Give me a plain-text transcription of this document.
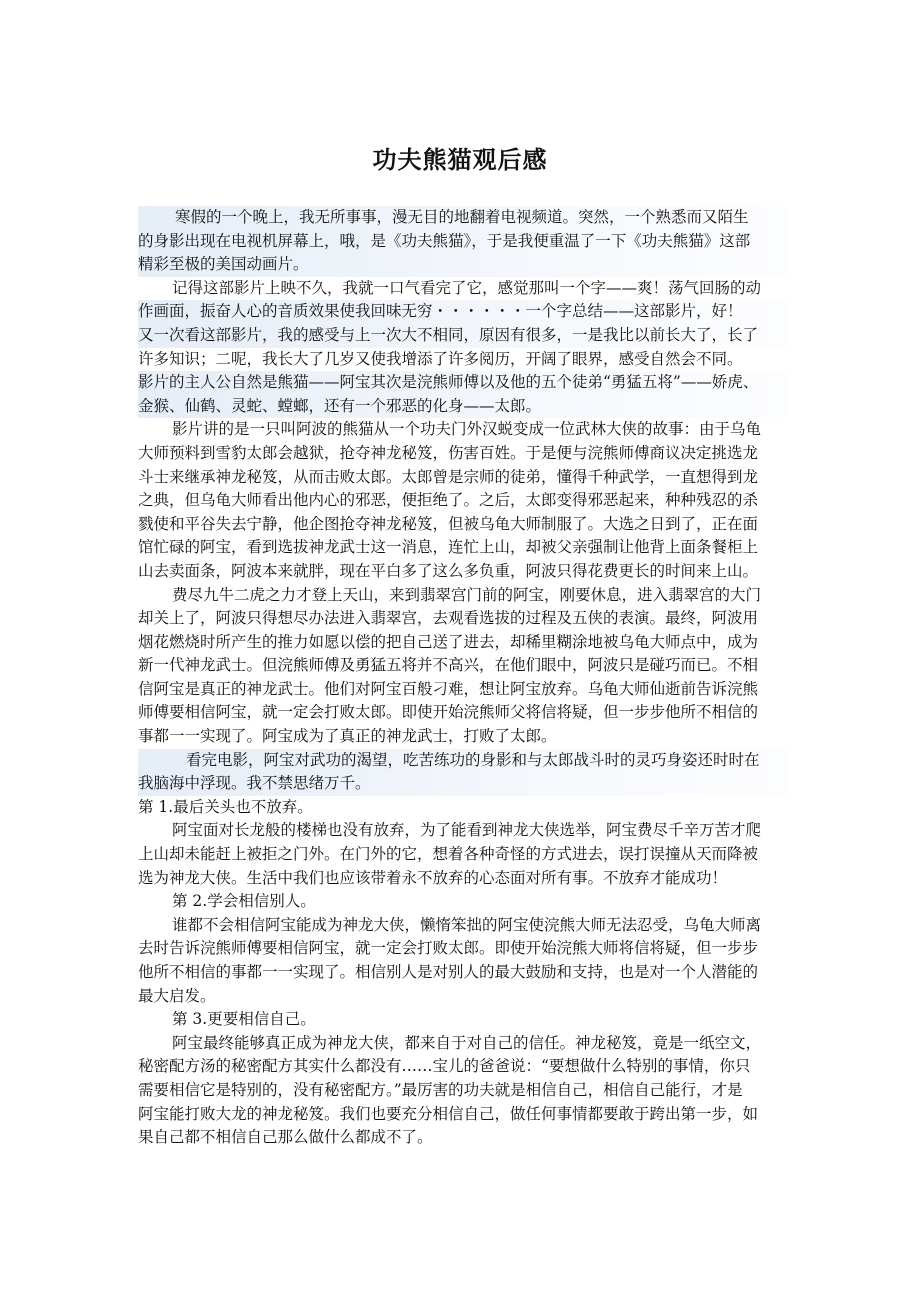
功夫熊猫观后感
寒假的一个晚上，我无所事事，漫无目的地翻着电视频道。突然，一个熟悉而又陌生
的身影出现在电视机屏幕上，哦，是《功夫熊猫》，于是我便重温了一下《功夫熊猫》这部
精彩至极的美国动画片。
记得这部影片上映不久，我就一口气看完了它，感觉那叫一个字——爽！荡气回肠的动
作画面，振奋人心的音质效果使我回味无穷・・・・・・一个字总结——这部影片，好！
又一次看这部影片，我的感受与上一次大不相同，原因有很多，一是我比以前长大了，长了
许多知识；二呢，我长大了几岁又使我增添了许多阅历，开阔了眼界，感受自然会不同。
影片的主人公自然是熊猫——阿宝其次是浣熊师傅以及他的五个徒弟“勇猛五将”——娇虎、
金猴、仙鹤、灵蛇、螳螂，还有一个邪恶的化身——太郎。
影片讲的是一只叫阿波的熊猫从一个功夫门外汉蜕变成一位武林大侠的故事：由于乌龟
大师预料到雪豹太郎会越狱，抢夺神龙秘笈，伤害百姓。于是便与浣熊师傅商议决定挑选龙
斗士来继承神龙秘笈，从而击败太郎。太郎曾是宗师的徒弟，懂得千种武学，一直想得到龙
之典，但乌龟大师看出他内心的邪恶，便拒绝了。之后，太郎变得邪恶起来，种种残忍的杀
戮使和平谷失去宁静，他企图抢夺神龙秘笈，但被乌龟大师制服了。大选之日到了，正在面
馆忙碌的阿宝，看到选拔神龙武士这一消息，连忙上山，却被父亲强制让他背上面条餐柜上
山去卖面条，阿波本来就胖，现在平白多了这么多负重，阿波只得花费更长的时间来上山。
费尽九牛二虎之力才登上天山，来到翡翠宫门前的阿宝，刚要休息，进入翡翠宫的大门
却关上了，阿波只得想尽办法进入翡翠宫，去观看选拔的过程及五侠的表演。最终，阿波用
烟花燃烧时所产生的推力如愿以偿的把自己送了进去，却稀里糊涂地被乌龟大师点中，成为
新一代神龙武士。但浣熊师傅及勇猛五将并不高兴，在他们眼中，阿波只是碰巧而已。不相
信阿宝是真正的神龙武士。他们对阿宝百般刁难，想让阿宝放弃。乌龟大师仙逝前告诉浣熊
师傅要相信阿宝，就一定会打败太郎。即使开始浣熊师父将信将疑，但一步步他所不相信的
事都一一实现了。阿宝成为了真正的神龙武士，打败了太郎。
看完电影，阿宝对武功的渴望，吃苦练功的身影和与太郎战斗时的灵巧身姿还时时在
我脑海中浮现。我不禁思绪万千。
第 1.最后关头也不放弃。
阿宝面对长龙般的楼梯也没有放弃，为了能看到神龙大侠选举，阿宝费尽千辛万苦才爬
上山却未能赶上被拒之门外。在门外的它，想着各种奇怪的方式进去，误打误撞从天而降被
选为神龙大侠。生活中我们也应该带着永不放弃的心态面对所有事。不放弃才能成功！
第 2.学会相信别人。
谁都不会相信阿宝能成为神龙大侠，懒惰笨拙的阿宝使浣熊大师无法忍受，乌龟大师离
去时告诉浣熊师傅要相信阿宝，就一定会打败太郎。即使开始浣熊大师将信将疑，但一步步
他所不相信的事都一一实现了。相信别人是对别人的最大鼓励和支持，也是对一个人潜能的
最大启发。
第 3.更要相信自己。
阿宝最终能够真正成为神龙大侠，都来自于对自己的信任。神龙秘笈，竟是一纸空文，
秘密配方汤的秘密配方其实什么都没有……宝儿的爸爸说：“要想做什么特别的事情，你只
需要相信它是特别的，没有秘密配方。”最厉害的功夫就是相信自己，相信自己能行，才是
阿宝能打败大龙的神龙秘笈。我们也要充分相信自己，做任何事情都要敢于跨出第一步，如
果自己都不相信自己那么做什么都成不了。
